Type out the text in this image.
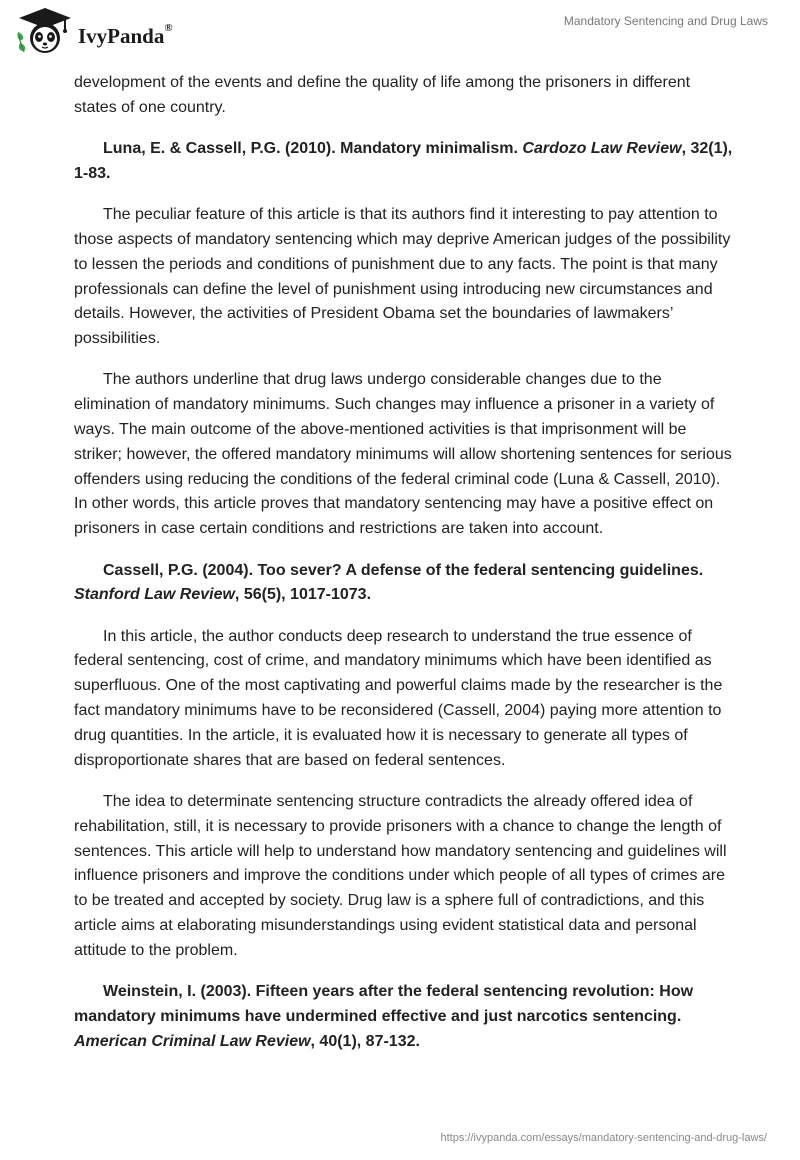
IvyPanda®	Mandatory Sentencing and Drug Laws

development of the events and define the quality of life among the prisoners in different states of one country.

Luna, E. & Cassell, P.G. (2010). Mandatory minimalism. Cardozo Law Review, 32(1), 1-83.

The peculiar feature of this article is that its authors find it interesting to pay attention to those aspects of mandatory sentencing which may deprive American judges of the possibility to lessen the periods and conditions of punishment due to any facts. The point is that many professionals can define the level of punishment using introducing new circumstances and details. However, the activities of President Obama set the boundaries of lawmakers’ possibilities.

The authors underline that drug laws undergo considerable changes due to the elimination of mandatory minimums. Such changes may influence a prisoner in a variety of ways. The main outcome of the above-mentioned activities is that imprisonment will be striker; however, the offered mandatory minimums will allow shortening sentences for serious offenders using reducing the conditions of the federal criminal code (Luna & Cassell, 2010). In other words, this article proves that mandatory sentencing may have a positive effect on prisoners in case certain conditions and restrictions are taken into account.

Cassell, P.G. (2004). Too sever? A defense of the federal sentencing guidelines. Stanford Law Review, 56(5), 1017-1073.

In this article, the author conducts deep research to understand the true essence of federal sentencing, cost of crime, and mandatory minimums which have been identified as superfluous. One of the most captivating and powerful claims made by the researcher is the fact mandatory minimums have to be reconsidered (Cassell, 2004) paying more attention to drug quantities. In the article, it is evaluated how it is necessary to generate all types of disproportionate shares that are based on federal sentences.

The idea to determinate sentencing structure contradicts the already offered idea of rehabilitation, still, it is necessary to provide prisoners with a chance to change the length of sentences. This article will help to understand how mandatory sentencing and guidelines will influence prisoners and improve the conditions under which people of all types of crimes are to be treated and accepted by society. Drug law is a sphere full of contradictions, and this article aims at elaborating misunderstandings using evident statistical data and personal attitude to the problem.

Weinstein, I. (2003). Fifteen years after the federal sentencing revolution: How mandatory minimums have undermined effective and just narcotics sentencing. American Criminal Law Review, 40(1), 87-132.

https://ivypanda.com/essays/mandatory-sentencing-and-drug-laws/
